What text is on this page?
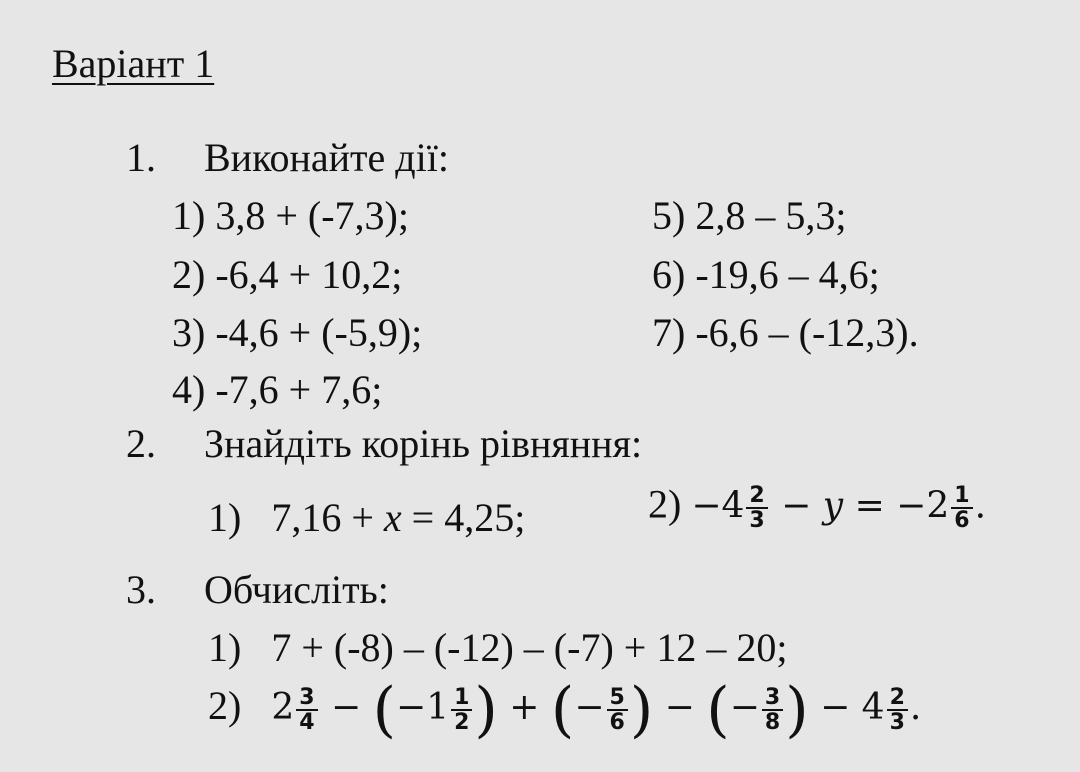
Варіант 1
1. Виконайте дії:
1) 3,8 + (-7,3);
2) -6,4 + 10,2;
3) -4,6 + (-5,9);
4) -7,6 + 7,6;
5) 2,8 – 5,3;
6) -19,6 – 4,6;
7) -6,6 – (-12,3).
2. Знайдіть корінь рівняння:
1) 7,16 + x = 4,25;	$2) -4 \frac{2}{3} - y = -2 \frac{1}{6}$ .
3. Обчисліть:
1) 7 + (-8) – (-12) – (-7) + 12 – 20;
2) $2 \frac{3}{4} - (-1 \frac{1}{2}$ ) + (− $\frac{5}{6}$ ) − (− $\frac{3}{8}$ ) − $4 \frac{2}{3}$ .
